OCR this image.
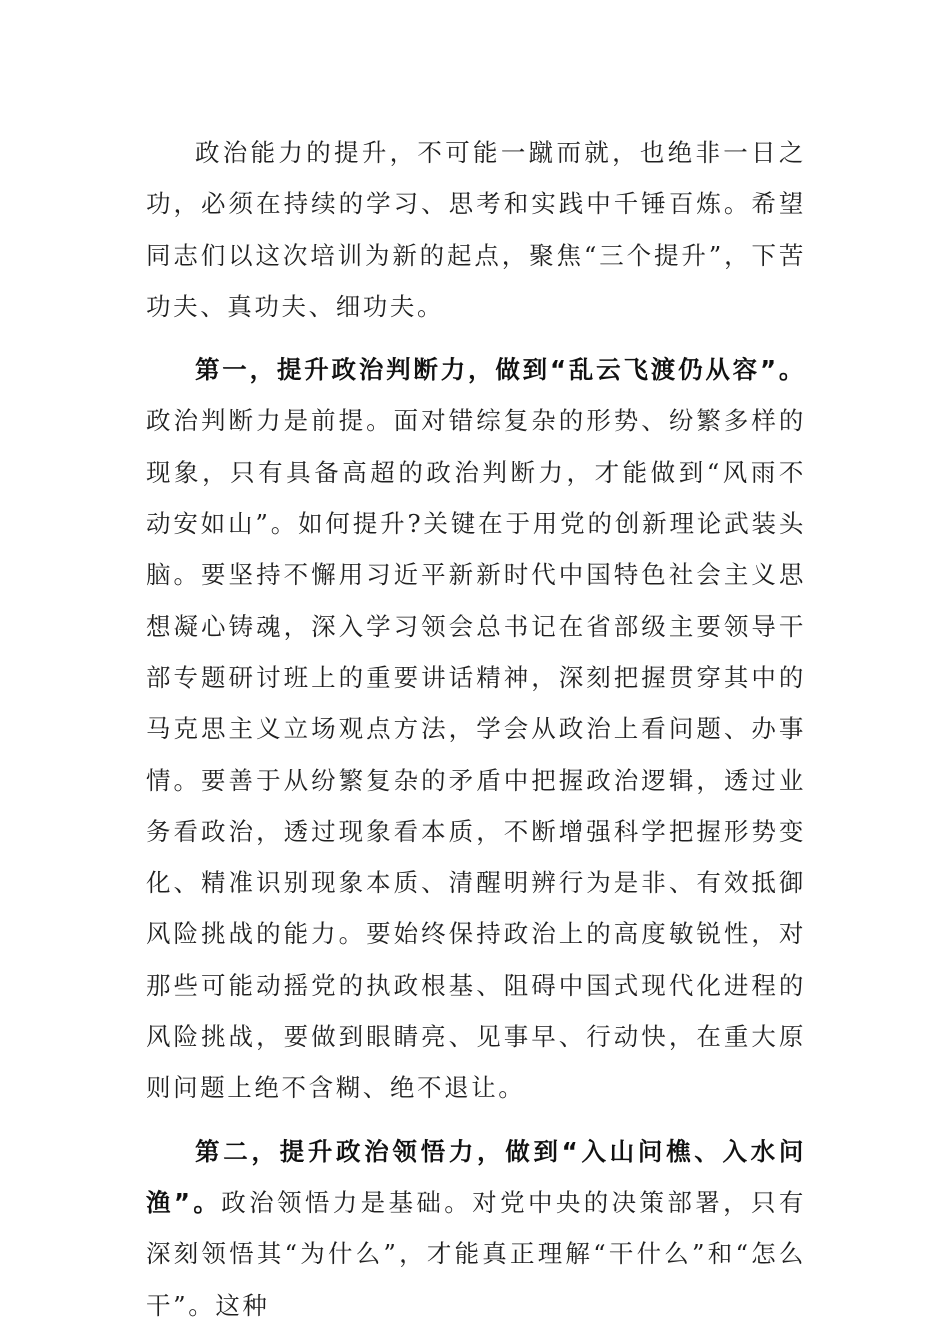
政治能力的提升，不可能一蹴而就，也绝非一日之功，必须在持续的学习、思考和实践中千锤百炼。希望同志们以这次培训为新的起点，聚焦“三个提升”，下苦功夫、真功夫、细功夫。

第一，提升政治判断力，做到“乱云飞渡仍从容”。政治判断力是前提。面对错综复杂的形势、纷繁多样的现象，只有具备高超的政治判断力，才能做到“风雨不动安如山”。如何提升?关键在于用党的创新理论武装头脑。要坚持不懈用习近平新新时代中国特色社会主义思想凝心铸魂，深入学习领会总书记在省部级主要领导干部专题研讨班上的重要讲话精神，深刻把握贯穿其中的马克思主义立场观点方法，学会从政治上看问题、办事情。要善于从纷繁复杂的矛盾中把握政治逻辑，透过业务看政治，透过现象看本质，不断增强科学把握形势变化、精准识别现象本质、清醒明辨行为是非、有效抵御风险挑战的能力。要始终保持政治上的高度敏锐性，对那些可能动摇党的执政根基、阻碍中国式现代化进程的风险挑战，要做到眼睛亮、见事早、行动快，在重大原则问题上绝不含糊、绝不退让。

第二，提升政治领悟力，做到“入山问樵、入水问渔”。政治领悟力是基础。对党中央的决策部署，只有深刻领悟其“为什么”，才能真正理解“干什么”和“怎么干”。这种
